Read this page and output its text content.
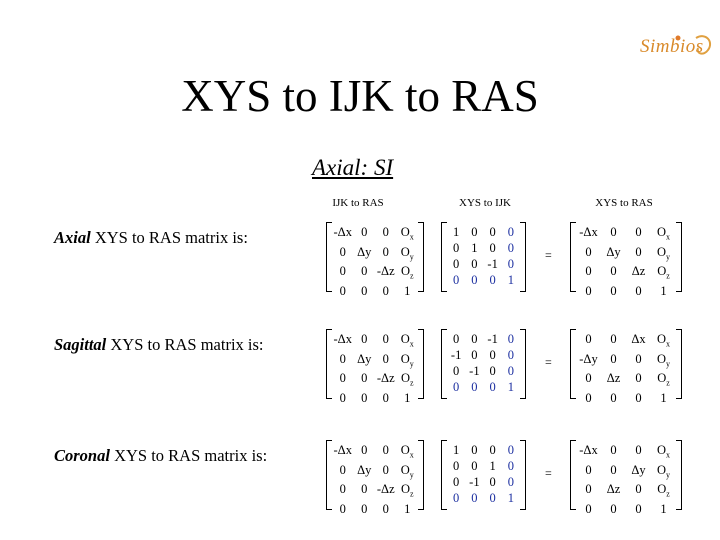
Simbios
XYS to IJK to RAS
Axial: SI
IJK to RAS	XYS to IJK	XYS to RAS
Axial XYS to RAS matrix is:	-Δx 0	0 $O_x$
0 Δy 0 $O_y$
0	0 -Δz $O_z$
0	0	0	1
1 0 0 0
0 1 0 0
0 0 -1 0
0 0 0 1
-Δx	0	0	$O_x$
0	Δy	0	$O_y$
0	0	Δz $O_z$
0	0	0	1
=
Sagittal XYS to RAS matrix is:	-Δx 0	0 $O_x$
0 Δy 0 $O_y$
0	0 -Δz $O_z$
0	0	0	1
0 0 -1 0
-1 0 0 0
0 -1 0 0
0 0 0 1
0	0	Δx $O_x$
-Δy	0	0	$O_y$
0	Δz	0	$O_z$
0	0	0	1
=
Coronal XYS to RAS matrix is:	-Δx 0	0 $O_x$
0 Δy 0 $O_y$
0	0 -Δz $O_z$
0	0	0	1
1 0 0 0
0 0 1 0
0 -1 0 0
0 0 0 1
-Δx	0	0	$O_x$
0	0	Δy $O_y$
0	Δz	0	$O_z$
0	0	0	1
=
